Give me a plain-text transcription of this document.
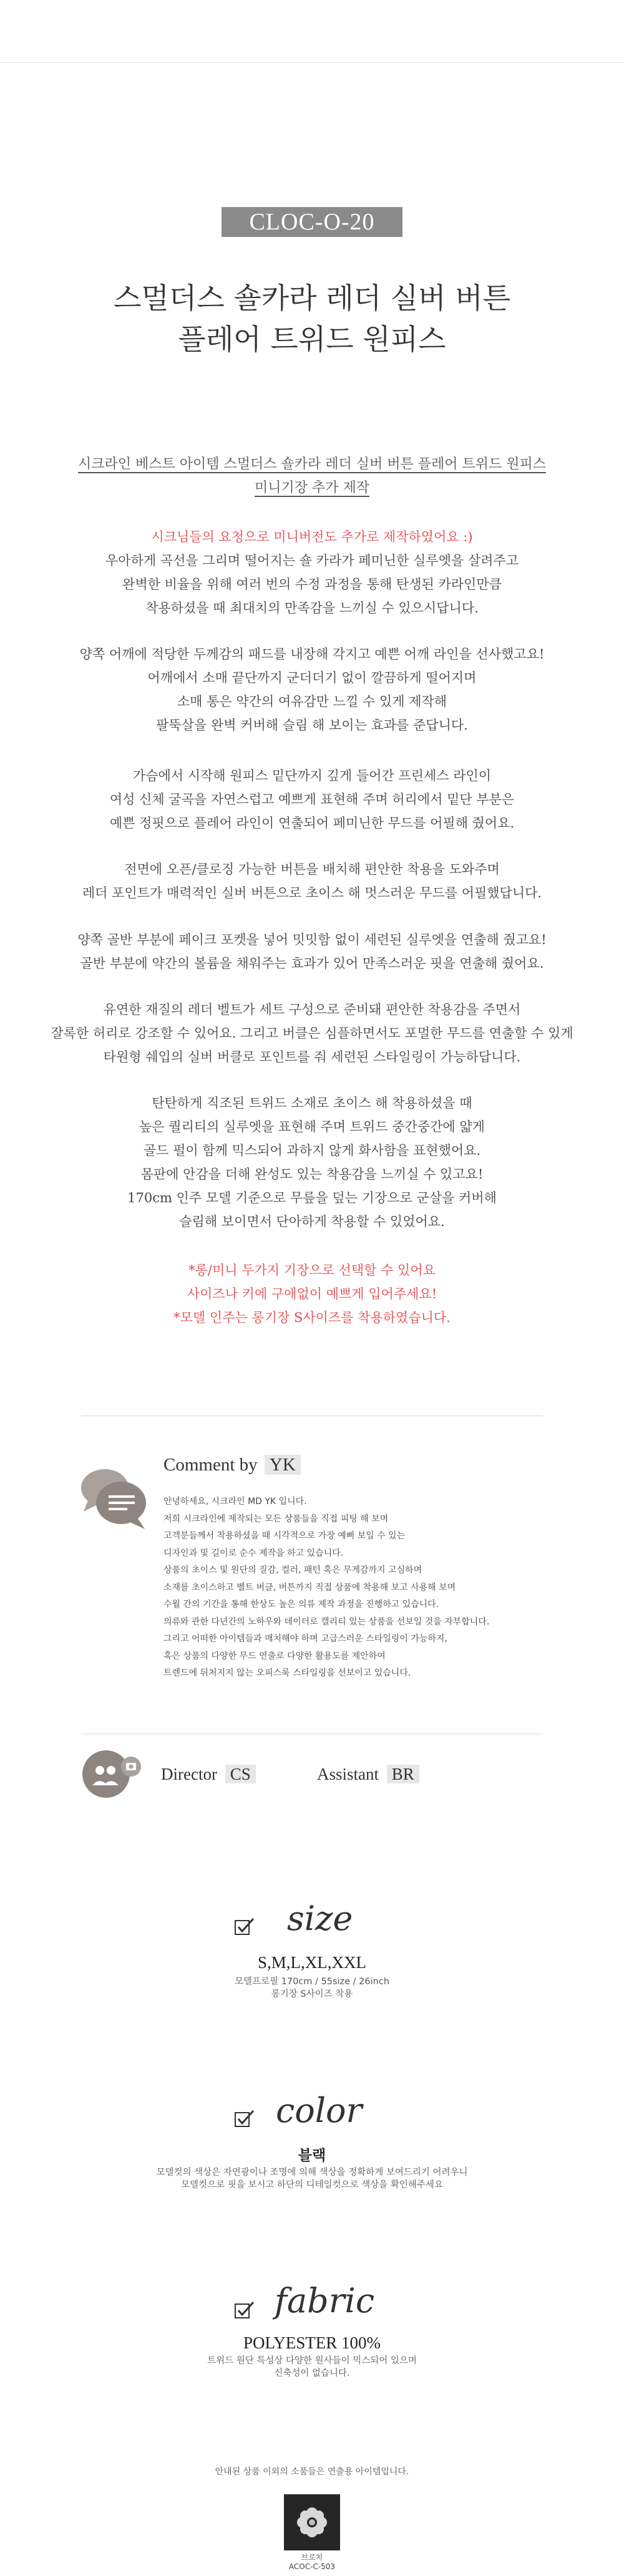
CLOC-O-20
스멀더스 숄카라 레더 실버 버튼
플레어 트위드 원피스
시크라인 베스트 아이템 스멀더스 숄카라 레더 실버 버튼 플레어 트위드 원피스
미니기장 추가 제작
시크님들의 요청으로 미니버전도 추가로 제작하였어요 :)
우아하게 곡선을 그리며 떨어지는 숄 카라가 페미닌한 실루엣을 살려주고
완벽한 비율을 위해 여러 번의 수정 과정을 통해 탄생된 카라인만큼
착용하셨을 때 최대치의 만족감을 느끼실 수 있으시답니다.
양쪽 어깨에 적당한 두께감의 패드를 내장해 각지고 예쁜 어깨 라인을 선사했고요!
어깨에서 소매 끝단까지 군더더기 없이 깔끔하게 떨어지며
소매 통은 약간의 여유감만 느낄 수 있게 제작해
팔뚝살을 완벽 커버해 슬림 해 보이는 효과를 준답니다.
가슴에서 시작해 원피스 밑단까지 깊게 들어간 프린세스 라인이
여성 신체 굴곡을 자연스럽고 예쁘게 표현해 주며 허리에서 밑단 부분은
예쁜 정핏으로 플레어 라인이 연출되어 페미닌한 무드를 어필해 줬어요.
전면에 오픈/클로징 가능한 버튼을 배치해 편안한 착용을 도와주며
레더 포인트가 매력적인 실버 버튼으로 초이스 해 멋스러운 무드를 어필했답니다.
양쪽 골반 부분에 페이크 포켓을 넣어 밋밋함 없이 세련된 실루엣을 연출해 줬고요!
골반 부분에 약간의 볼륨을 채워주는 효과가 있어 만족스러운 핏을 연출해 줬어요.
유연한 재질의 레더 벨트가 세트 구성으로 준비돼 편안한 착용감을 주면서
잘록한 허리로 강조할 수 있어요. 그리고 버클은 심플하면서도 포멀한 무드를 연출할 수 있게
타원형 쉐입의 실버 버클로 포인트를 줘 세련된 스타일링이 가능하답니다.
탄탄하게 직조된 트위드 소재로 초이스 해 착용하셨을 때
높은 퀄리티의 실루엣을 표현해 주며 트위드 중간중간에 얇게
골드 펄이 함께 믹스되어 과하지 않게 화사함을 표현했어요.
몸판에 안감을 더해 완성도 있는 착용감을 느끼실 수 있고요!
170cm 인주 모델 기준으로 무릎을 덮는 기장으로 군살을 커버해
슬림해 보이면서 단아하게 착용할 수 있었어요.
*롱/미니 두가지 기장으로 선택할 수 있어요
사이즈나 키에 구애없이 예쁘게 입어주세요!
*모델 인주는 롱기장 S사이즈를 착용하였습니다.
Comment by YK
안녕하세요, 시크라인 MD YK 입니다.
저희 시크라인에 제작되는 모든 상품들을 직접 피팅 해 보며
고객분들께서 착용하셨을 때 시각적으로 가장 예뻐 보일 수 있는
디자인과 및 길이로 순수 제작을 하고 있습니다.
상품의 초이스 및 원단의 질감, 컬러, 패턴 혹은 무게감까지 고심하며
소재를 초이스하고 벨트 버클, 버튼까지 직접 상품에 착용해 보고 사용해 보며
수월 간의 기간을 통해 한상도 높은 의류 제작 과정을 진행하고 있습니다.
의류와 관한 다년간의 노하우와 데이터로 캘리티 있는 상품을 선보일 것을 자부합니다.
그리고 어떠한 아이템들과 매치해야 하며 고급스러운 스타일링이 가능하지,
혹은 상품의 다양한 무드 연출로 다양한 활용도를 제안하여
트렌드에 뒤처지지 않는 오피스룩 스타일링을 선보이고 있습니다.
Director CS	Assistant BR
size
S,M,L,XL,XXL
모델프로필 170cm / 55size / 26inch
롱기장 S사이즈 착용
color
블랙
모델컷의 색상은 자연광이나 조명에 의해 색상을 정확하게 보여드리기 어려우니
모델컷으로 핏을 보시고 하단의 디테일컷으로 색상을 확인해주세요
fabric
POLYESTER 100%
트위드 원단 특성상 다양한 원사들이 믹스되어 있으며
신축성이 없습니다.
안내된 상품 이외의 소품들은 연출용 아이템입니다.
브로치
ACOC-C-503
